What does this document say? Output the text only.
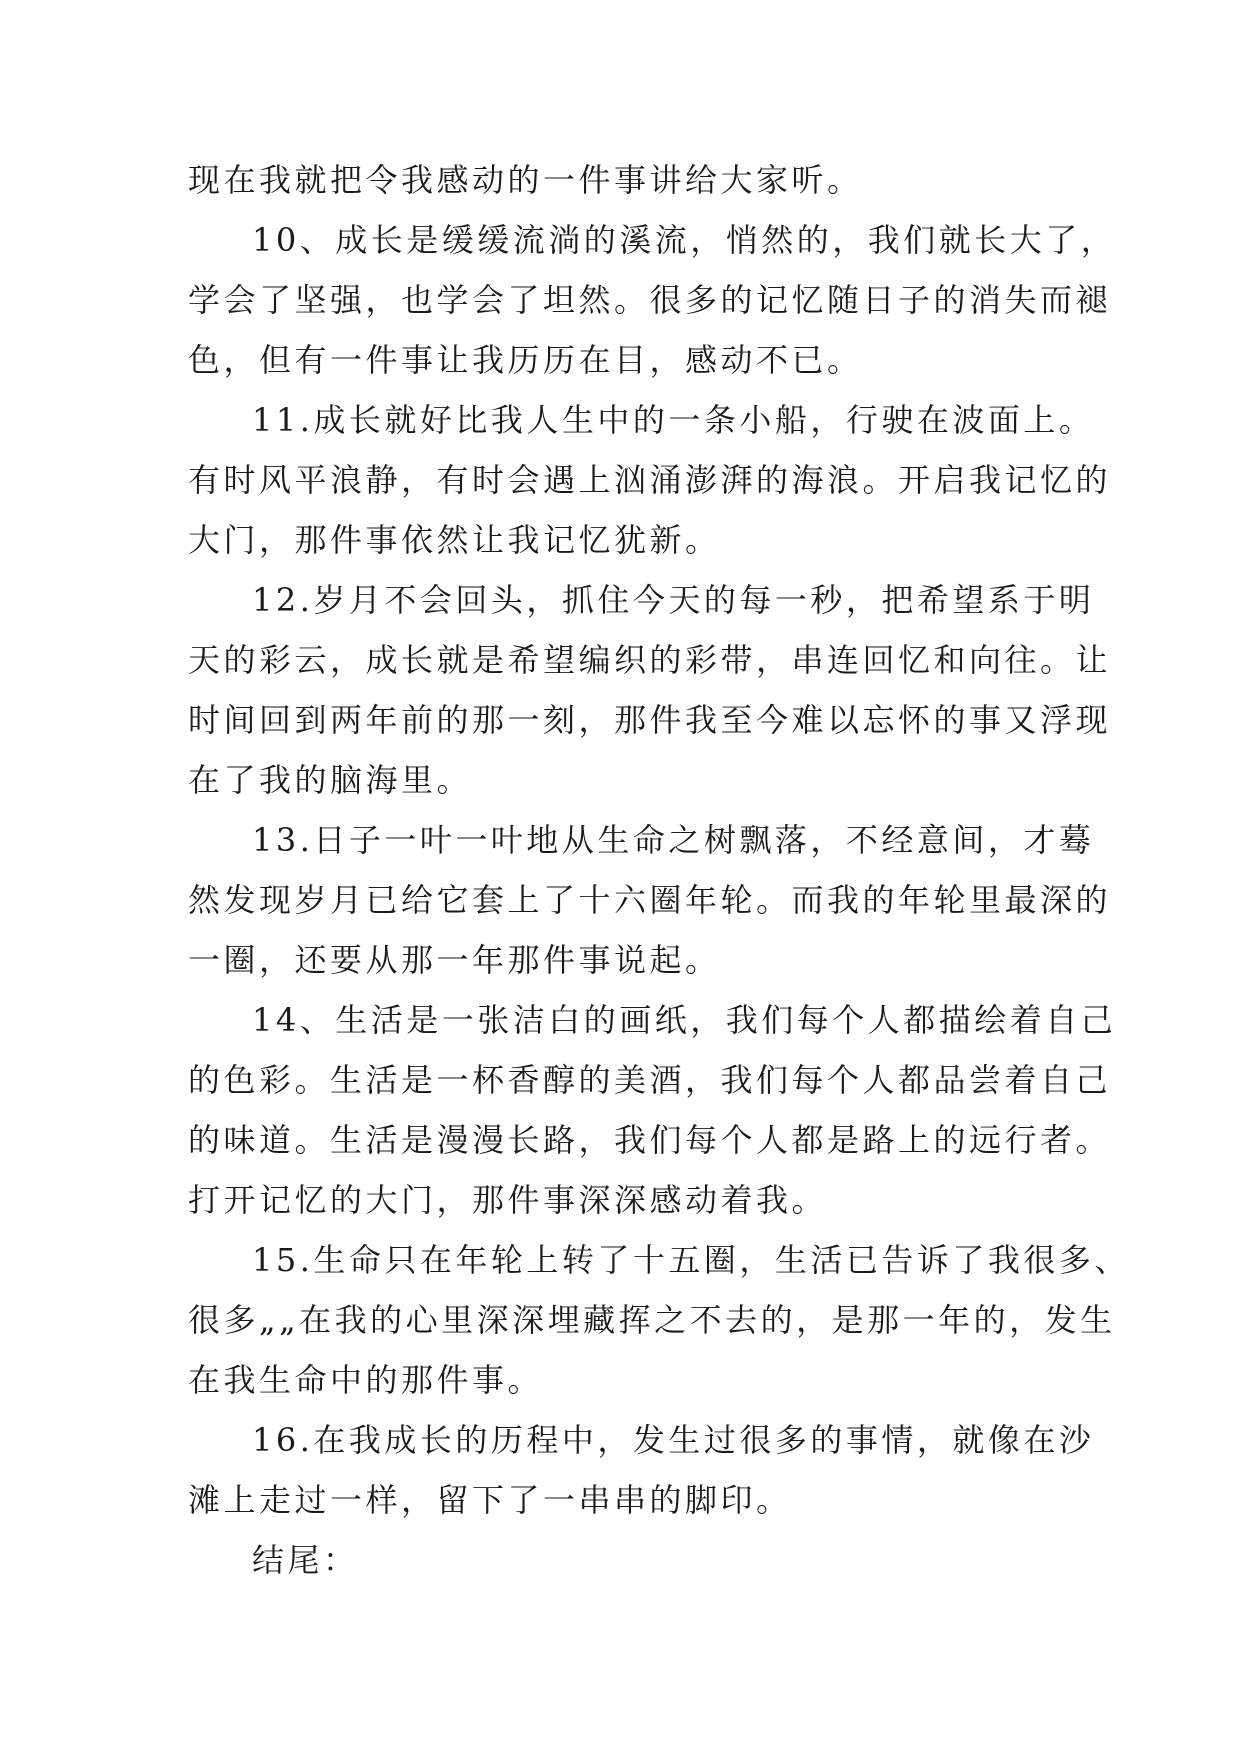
现在我就把令我感动的一件事讲给大家听。
10、成长是缓缓流淌的溪流，悄然的，我们就长大了，
学会了坚强，也学会了坦然。很多的记忆随日子的消失而褪
色，但有一件事让我历历在目，感动不已。
11.成长就好比我人生中的一条小船，行驶在波面上。
有时风平浪静，有时会遇上汹涌澎湃的海浪。开启我记忆的
大门，那件事依然让我记忆犹新。
12.岁月不会回头，抓住今天的每一秒，把希望系于明
天的彩云，成长就是希望编织的彩带，串连回忆和向往。让
时间回到两年前的那一刻，那件我至今难以忘怀的事又浮现
在了我的脑海里。
13.日子一叶一叶地从生命之树飘落，不经意间，才蓦
然发现岁月已给它套上了十六圈年轮。而我的年轮里最深的
一圈，还要从那一年那件事说起。
14、生活是一张洁白的画纸，我们每个人都描绘着自己
的色彩。生活是一杯香醇的美酒，我们每个人都品尝着自己
的味道。生活是漫漫长路，我们每个人都是路上的远行者。
打开记忆的大门，那件事深深感动着我。
15.生命只在年轮上转了十五圈，生活已告诉了我很多、
很多„„在我的心里深深埋藏挥之不去的，是那一年的，发生
在我生命中的那件事。
16.在我成长的历程中，发生过很多的事情，就像在沙
滩上走过一样，留下了一串串的脚印。
结尾：
